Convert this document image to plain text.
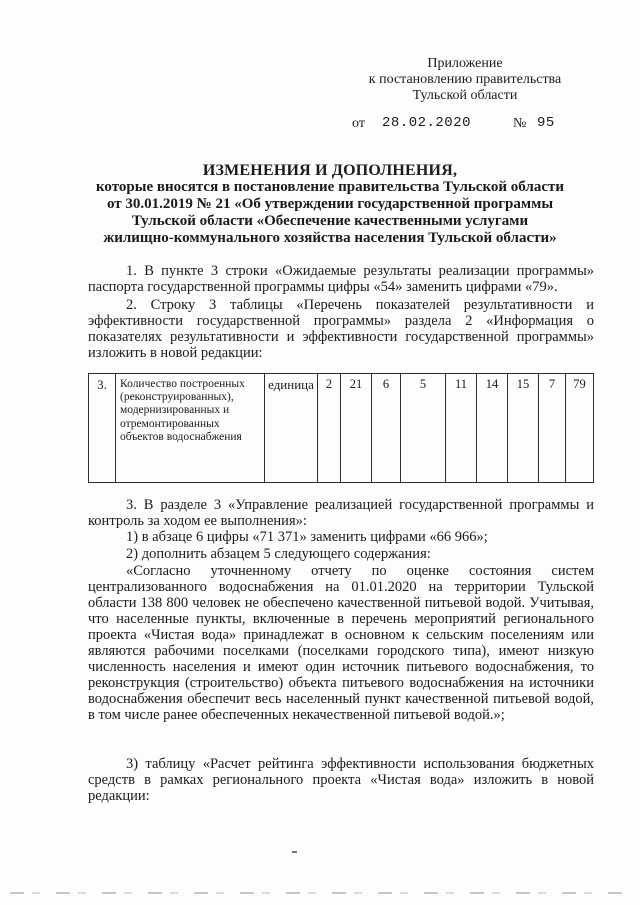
Приложение
к постановлению правительства
Тульской области
от 28.02.2020	№ 95
ИЗМЕНЕНИЯ И ДОПОЛНЕНИЯ,
которые вносятся в постановление правительства Тульской области
от 30.01.2019 № 21 «Об утверждении государственной программы
Тульской области «Обеспечение качественными услугами
жилищно-коммунального хозяйства населения Тульской области»
1. В пункте 3 строки «Ожидаемые результаты реализации программы» паспорта государственной программы цифры «54» заменить цифрами «79».
2. Строку 3 таблицы «Перечень показателей результативности и эффективности государственной программы» раздела 2 «Информация о показателях результативности и эффективности государственной программы» изложить в новой редакции:
3.	Количество построенных (реконструированных), модернизированных и отремонтированных объектов водоснабжения	единица	2	21	6	5	11	14	15	7	79
3. В разделе 3 «Управление реализацией государственной программы и контроль за ходом ее выполнения»:
1) в абзаце 6 цифры «71 371» заменить цифрами «66 966»;
2) дополнить абзацем 5 следующего содержания:
«Согласно уточненному отчету по оценке состояния систем централизованного водоснабжения на 01.01.2020 на территории Тульской области 138 800 человек не обеспечено качественной питьевой водой. Учитывая, что населенные пункты, включенные в перечень мероприятий регионального проекта «Чистая вода» принадлежат в основном к сельским поселениям или являются рабочими поселками (поселками городского типа), имеют низкую численность населения и имеют один источник питьевого водоснабжения, то реконструкция (строительство) объекта питьевого водоснабжения на источники водоснабжения обеспечит весь населенный пункт качественной питьевой водой, в том числе ранее обеспеченных некачественной питьевой водой.»;
3) таблицу «Расчет рейтинга эффективности использования бюджетных средств в рамках регионального проекта «Чистая вода» изложить в новой редакции:
